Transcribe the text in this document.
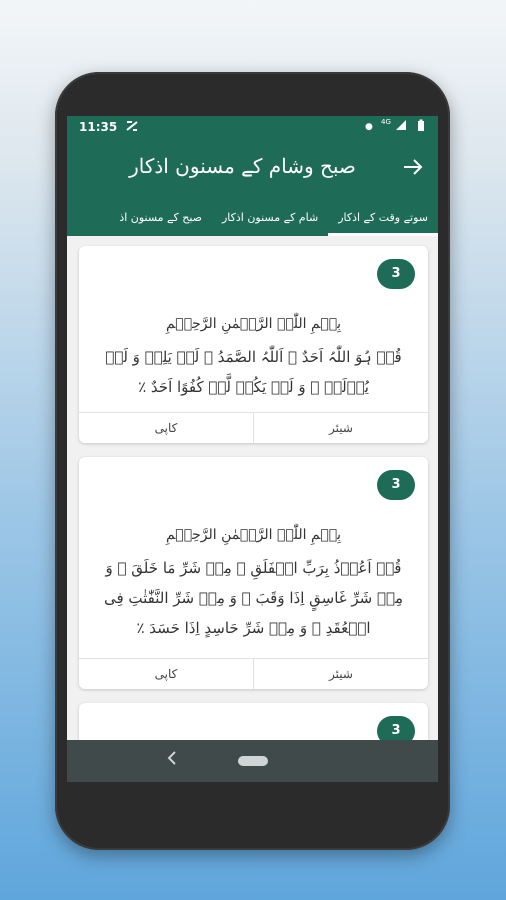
11:35	● 4G
صبح وشام کے مسنون اذکار
سوتے وقت کے اذکارشام کے مسنون اذکارصبح کے مسنون اذ
3
بِسۡمِ اللّٰہِ الرَّحۡمٰنِ الرَّحِیۡمِ
قُلۡ ہُوَ اللّٰہُ اَحَدٌ ۚ اَللّٰہُ الصَّمَدُ ۚ لَمۡ یَلِدۡ وَ لَمۡ یُوۡلَدۡ ۙ وَ لَمۡ یَکُنۡ لَّہٗ کُفُوًا اَحَدٌ ٪
کاپی	شیئر
3
بِسۡمِ اللّٰہِ الرَّحۡمٰنِ الرَّحِیۡمِ
قُلۡ اَعُوۡذُ بِرَبِّ الۡفَلَقِ ۙ مِنۡ شَرِّ مَا خَلَقَ ۙ وَ مِنۡ شَرِّ غَاسِقٍ اِذَا وَقَبَ ۙ وَ مِنۡ شَرِّ النَّفّٰثٰتِ فِی الۡعُقَدِ ۙ وَ مِنۡ شَرِّ حَاسِدٍ اِذَا حَسَدَ ٪
کاپی	شیئر
3
